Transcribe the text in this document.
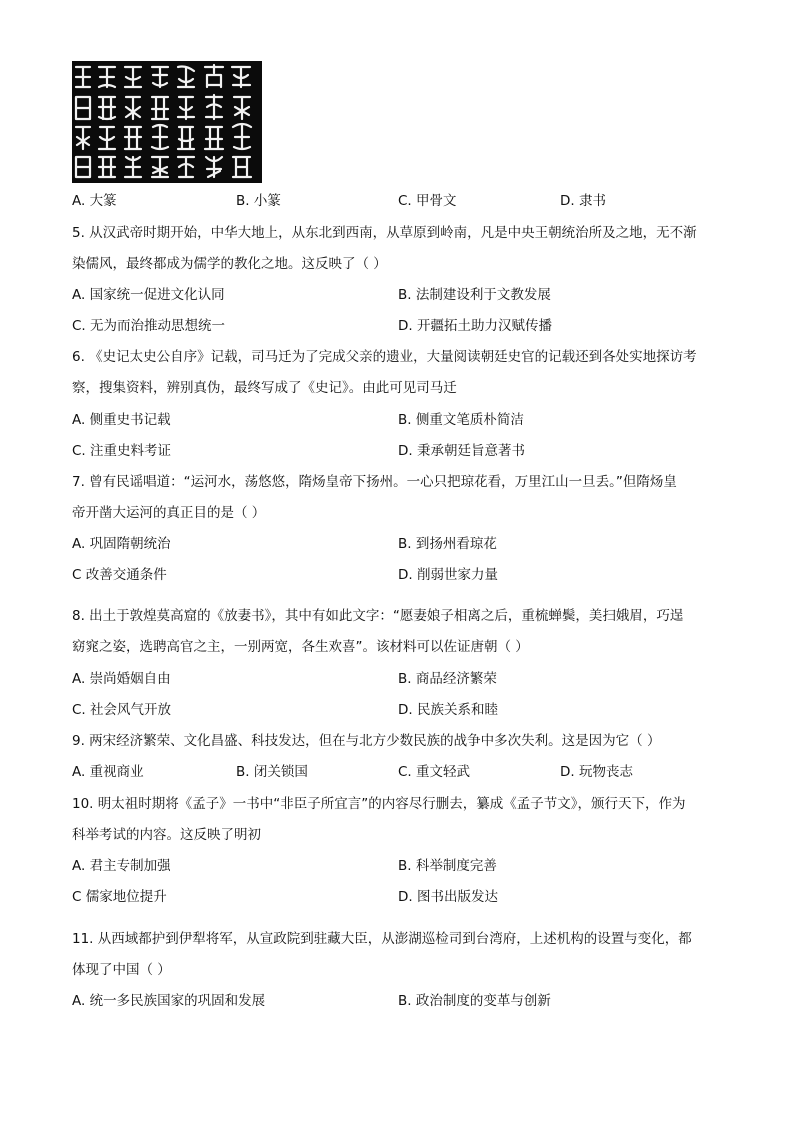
A. 大篆	B. 小篆	C. 甲骨文	D. 隶书
5. 从汉武帝时期开始，中华大地上，从东北到西南，从草原到岭南，凡是中央王朝统治所及之地，无不渐
染儒风，最终都成为儒学的教化之地。这反映了（ ）
A. 国家统一促进文化认同	B. 法制建设利于文教发展
C. 无为而治推动思想统一	D. 开疆拓土助力汉赋传播
6. 《史记太史公自序》记载，司马迁为了完成父亲的遗业，大量阅读朝廷史官的记载还到各处实地探访考
察，搜集资料，辨别真伪，最终写成了《史记》。由此可见司马迁
A. 侧重史书记载	B. 侧重文笔质朴简洁
C. 注重史料考证	D. 秉承朝廷旨意著书
7. 曾有民谣唱道：“运河水，荡悠悠，隋炀皇帝下扬州。一心只把琼花看，万里江山一旦丢。”但隋炀皇
帝开凿大运河的真正目的是（ ）
A. 巩固隋朝统治	B. 到扬州看琼花
C 改善交通条件	D. 削弱世家力量
8. 出土于敦煌莫高窟的《放妻书》，其中有如此文字：“愿妻娘子相离之后，重梳蝉鬓，美扫娥眉，巧逞
窈窕之姿，选聘高官之主，一别两宽，各生欢喜”。该材料可以佐证唐朝（ ）
A. 崇尚婚姻自由	B. 商品经济繁荣
C. 社会风气开放	D. 民族关系和睦
9. 两宋经济繁荣、文化昌盛、科技发达，但在与北方少数民族的战争中多次失利。这是因为它（ ）
A. 重视商业	B. 闭关锁国	C. 重文轻武	D. 玩物丧志
10. 明太祖时期将《孟子》一书中“非臣子所宜言”的内容尽行删去，纂成《孟子节文》，颁行天下，作为
科举考试的内容。这反映了明初
A. 君主专制加强	B. 科举制度完善
C 儒家地位提升	D. 图书出版发达
11. 从西域都护到伊犁将军，从宣政院到驻藏大臣，从澎湖巡检司到台湾府，上述机构的设置与变化，都
体现了中国（ ）
A. 统一多民族国家的巩固和发展	B. 政治制度的变革与创新
